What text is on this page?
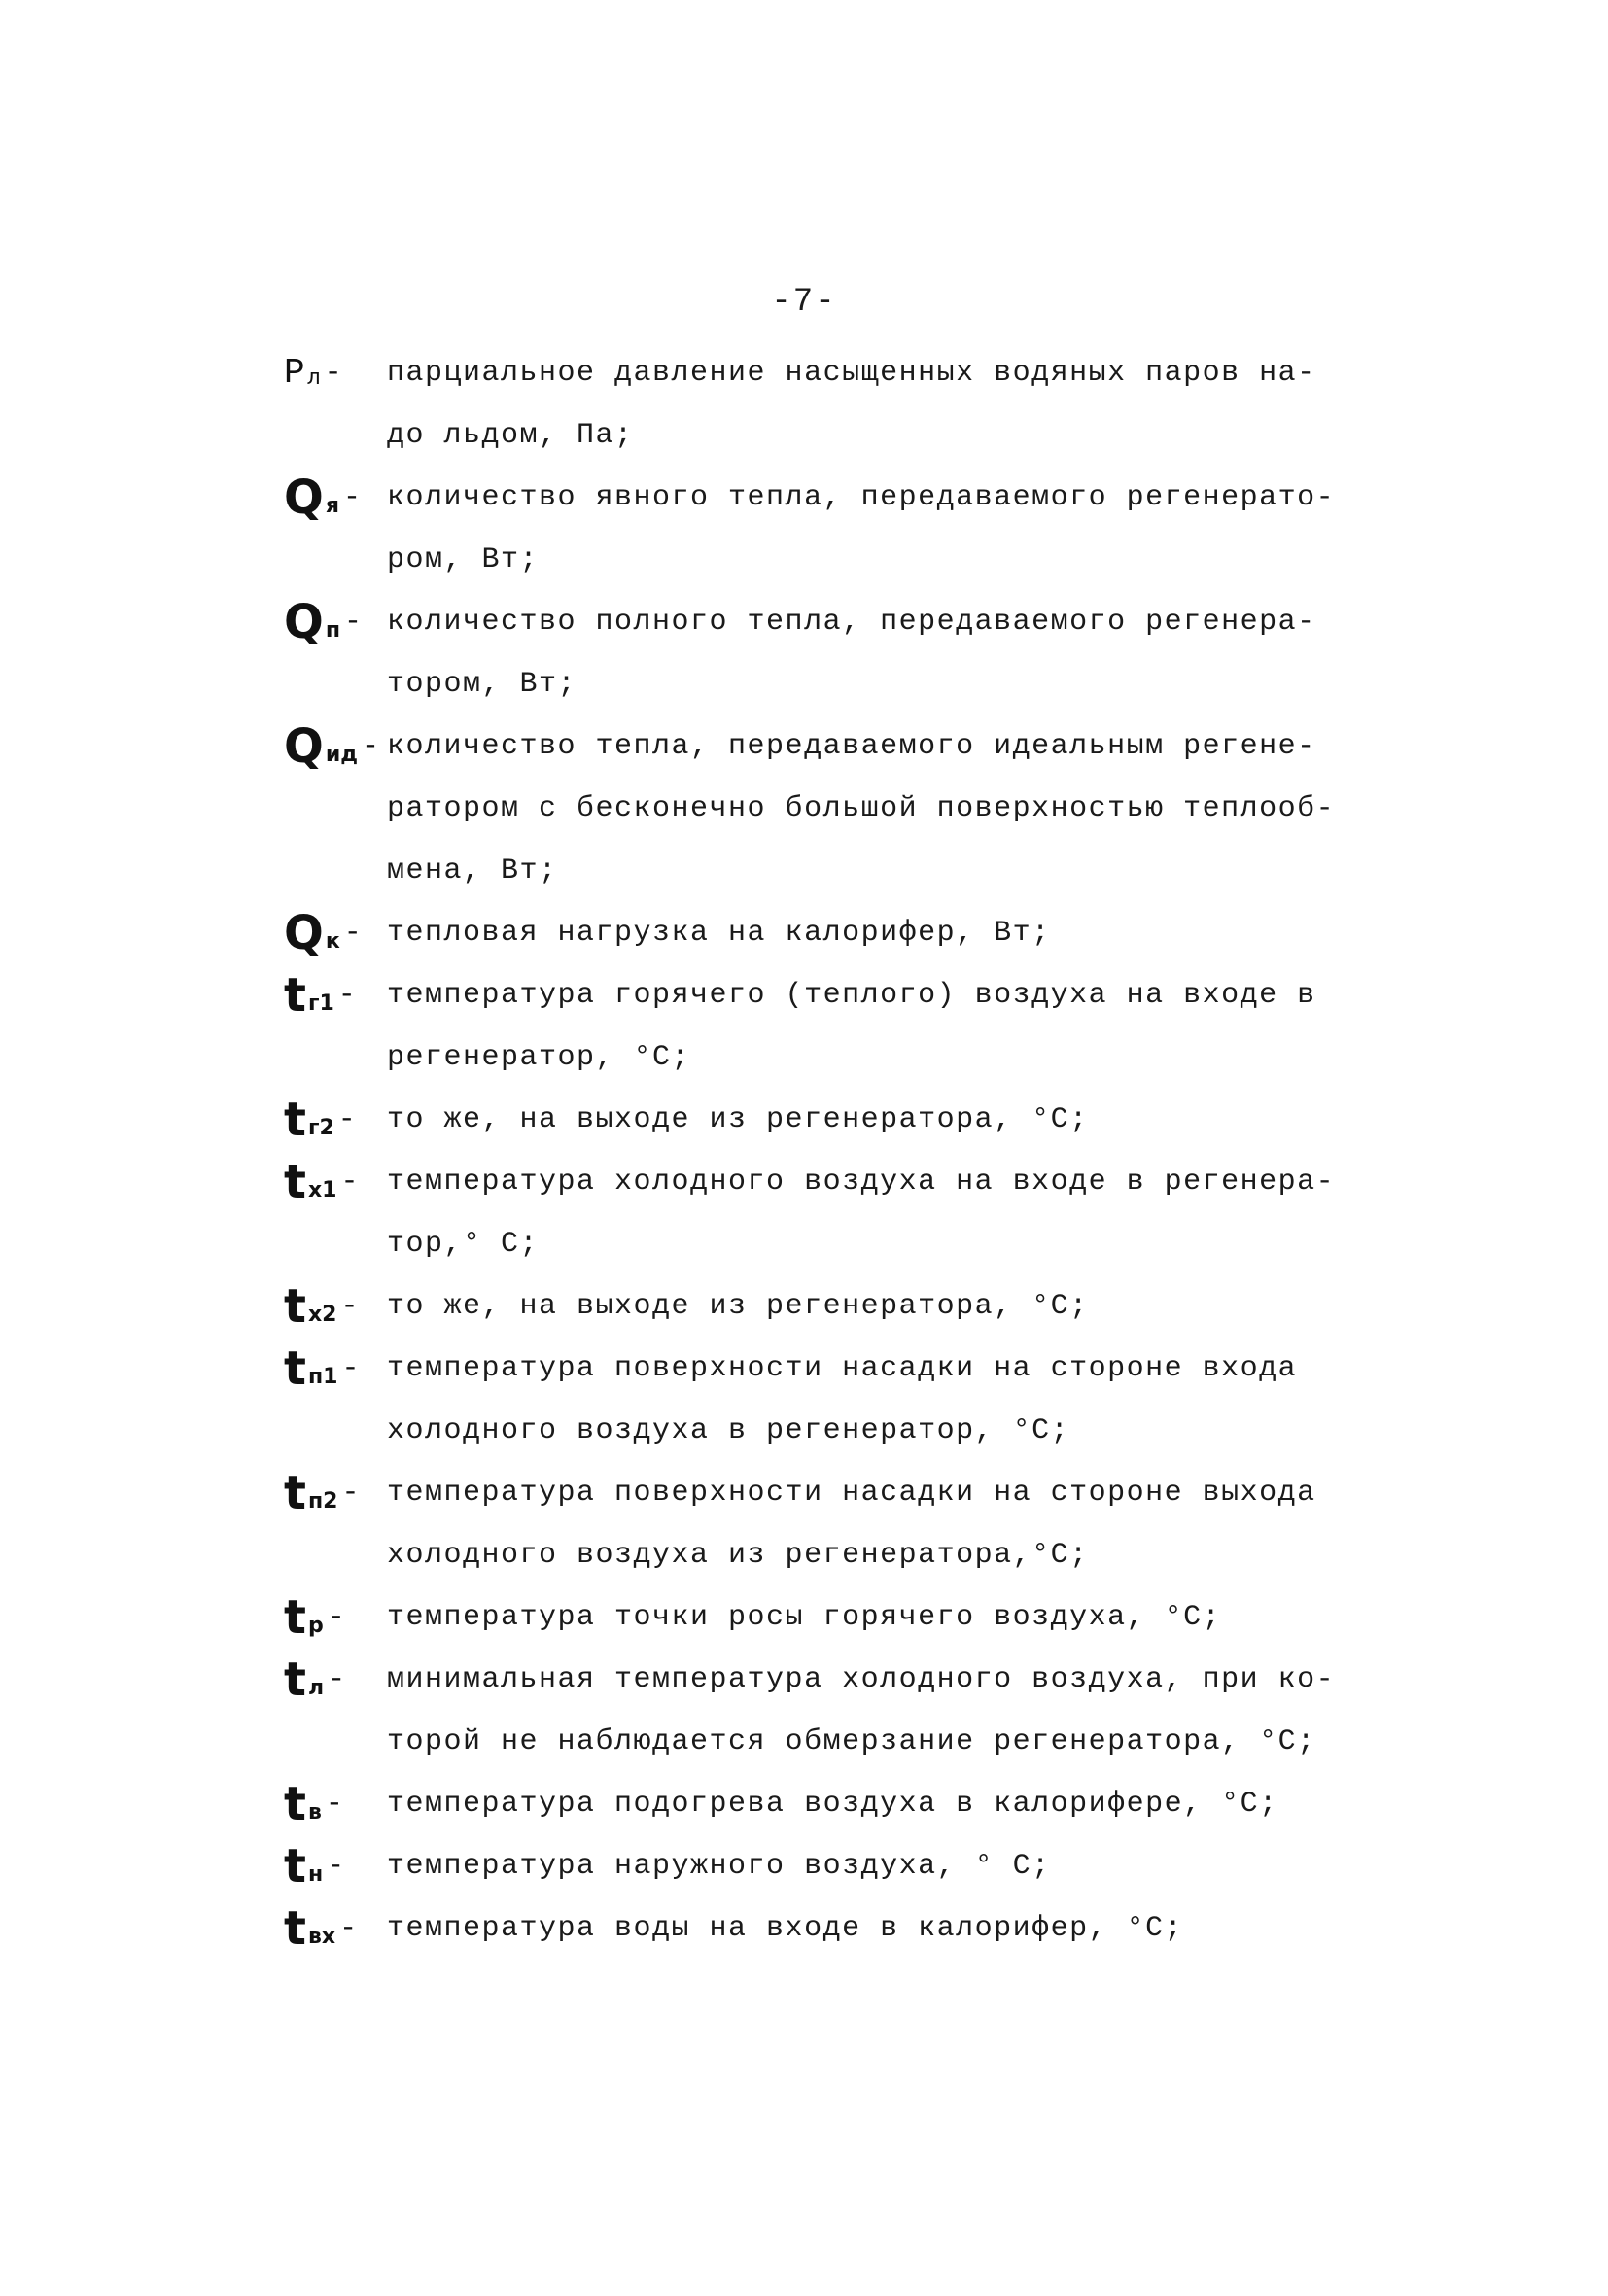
-7-
P л - парциальное давление насыщенных водяных паров на-
до льдом, Па;
Q я - количество явного тепла, передаваемого регенерато-
ром, Вт;
Q п - количество полного тепла, передаваемого регенера-
тором, Вт;
Q ид - количество тепла, передаваемого идеальным регене-
ратором с бесконечно большой поверхностью теплооб-
мена, Вт;
Q к - тепловая нагрузка на калорифер, Вт;
t г1 - температура горячего (теплого) воздуха на входе в
регенератор, °С;
t г2 - то же, на выходе из регенератора, °С;
t х1 - температура холодного воздуха на входе в регенера-
тор,° С;
t х2 - то же, на выходе из регенератора, °С;
t п1 - температура поверхности насадки на стороне входа
холодного воздуха в регенератор, °С;
t п2 - температура поверхности насадки на стороне выхода
холодного воздуха из регенератора,°С;
t р - температура точки росы горячего воздуха, °С;
t л - минимальная температура холодного воздуха, при ко-
торой не наблюдается обмерзание регенератора, °С;
t в - температура подогрева воздуха в калорифере, °С;
t н - температура наружного воздуха, ° С;
t вх - температура воды на входе в калорифер, °С;
